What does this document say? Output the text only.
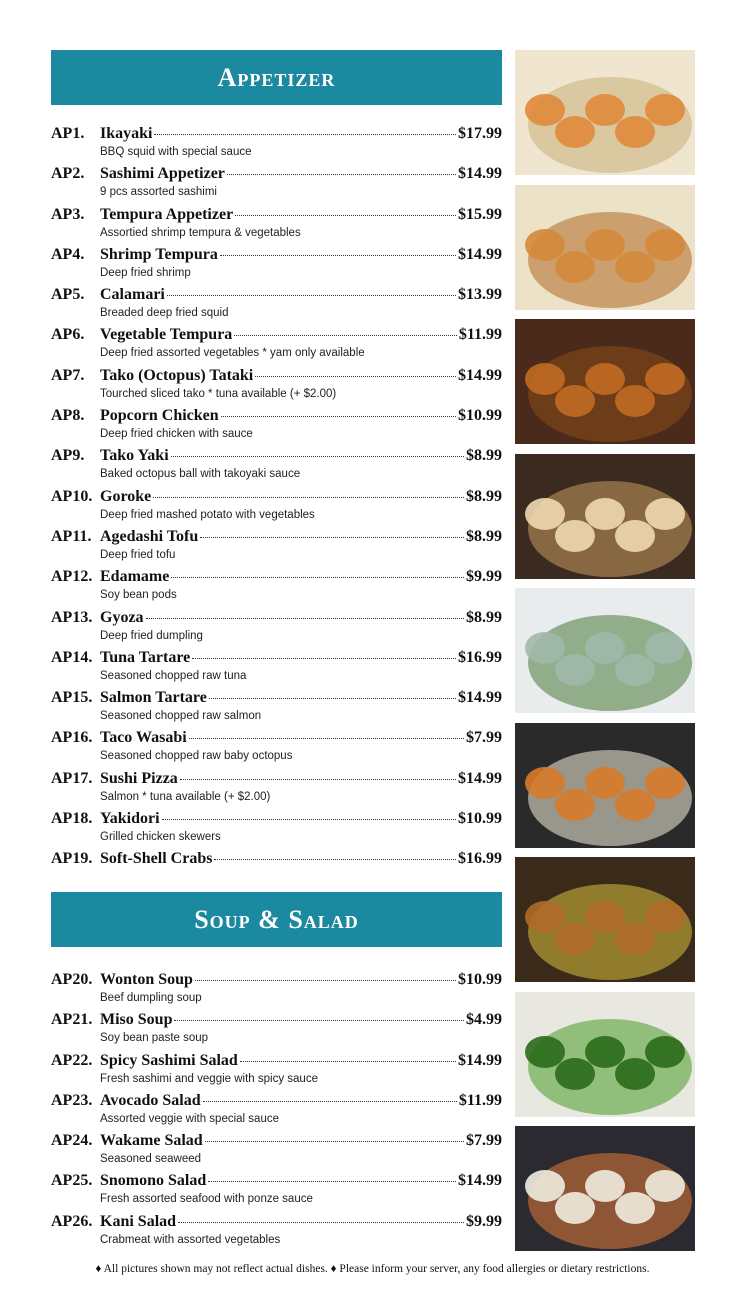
Appetizer
AP1. Ikayaki	$17.99
BBQ squid with special sauce
AP2. Sashimi Appetizer	$14.99
9 pcs assorted sashimi
AP3. Tempura Appetizer	$15.99
Assortied shrimp tempura & vegetables
AP4. Shrimp Tempura	$14.99
Deep fried shrimp
AP5. Calamari	$13.99
Breaded deep fried squid
AP6. Vegetable Tempura	$11.99
Deep fried assorted vegetables * yam only available
AP7. Tako (Octopus) Tataki	$14.99
Tourched sliced tako * tuna available (+ $2.00)
AP8. Popcorn Chicken	$10.99
Deep fried chicken with sauce
AP9. Tako Yaki	$8.99
Baked octopus ball with takoyaki sauce
AP10. Goroke	$8.99
Deep fried mashed potato with vegetables
AP11. Agedashi Tofu	$8.99
Deep fried tofu
AP12. Edamame	$9.99
Soy bean pods
AP13. Gyoza	$8.99
Deep fried dumpling
AP14. Tuna Tartare	$16.99
Seasoned chopped raw tuna
AP15. Salmon Tartare	$14.99
Seasoned chopped raw salmon
AP16. Taco Wasabi	$7.99
Seasoned chopped raw baby octopus
AP17. Sushi Pizza	$14.99
Salmon * tuna available (+ $2.00)
AP18. Yakidori	$10.99
Grilled chicken skewers
AP19. Soft-Shell Crabs	$16.99
Soup & Salad
AP20. Wonton Soup	$10.99
Beef dumpling soup
AP21. Miso Soup	$4.99
Soy bean paste soup
AP22. Spicy Sashimi Salad	$14.99
Fresh sashimi and veggie with spicy sauce
AP23. Avocado Salad	$11.99
Assorted veggie with special sauce
AP24. Wakame Salad	$7.99
Seasoned seaweed
AP25. Snomono Salad	$14.99
Fresh assorted seafood with ponze sauce
AP26. Kani Salad	$9.99
Crabmeat with assorted vegetables
♦ All pictures shown may not reflect actual dishes. ♦ Please inform your server, any food allergies or dietary restrictions.
